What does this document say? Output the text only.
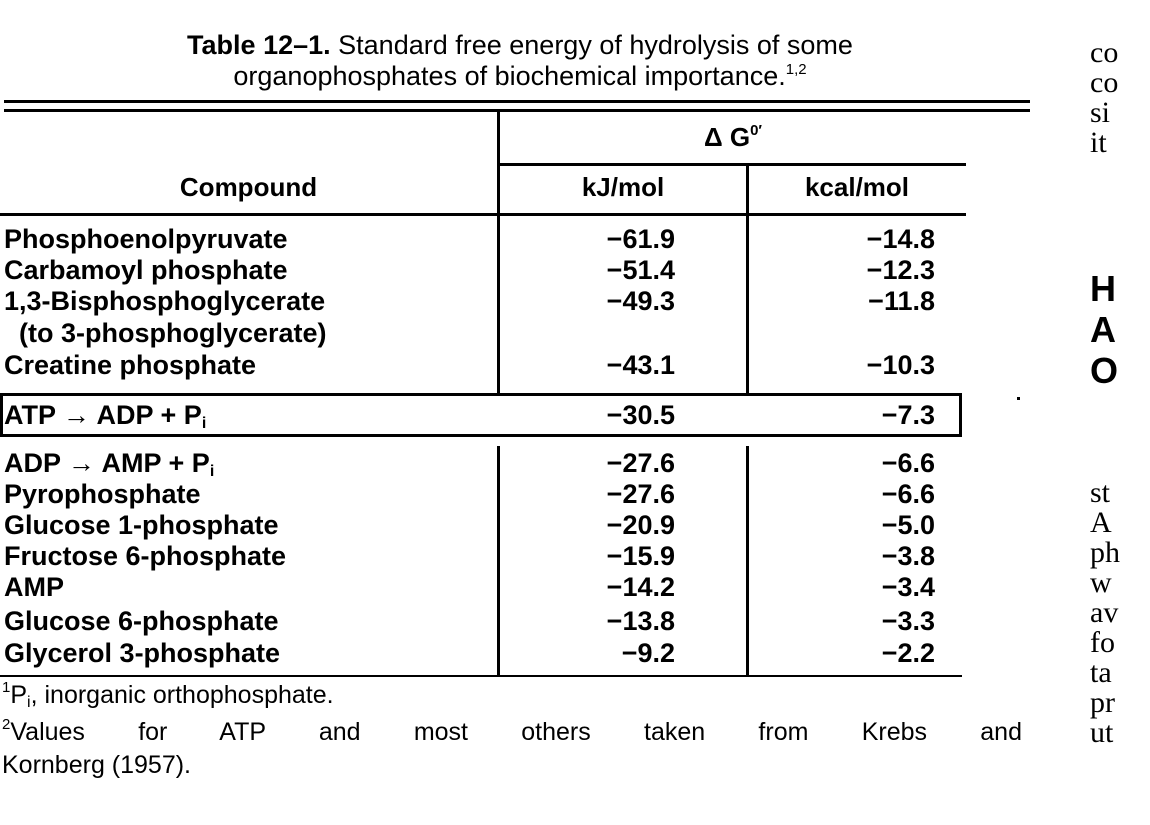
Table 12–1. Standard free energy of hydrolysis of some
organophosphates of biochemical importance.$^{1,2}$
Compound
Δ $G^{0'}$
kJ/mol	kcal/mol
Phosphoenolpyruvate	−61.9	−14.8
Carbamoyl phosphate	−51.4	−12.3
1,3-Bisphosphoglycerate	−49.3	−11.8
(to 3-phosphoglycerate)
Creatine phosphate	−43.1	−10.3
ATP → ADP + $P_i$	−30.5	−7.3
ADP → AMP + $P_i$	−27.6	−6.6
Pyrophosphate	−27.6	−6.6
Glucose 1-phosphate	−20.9	−5.0
Fructose 6-phosphate	−15.9	−3.8
AMP	−14.2	−3.4
Glucose 6-phosphate	−13.8	−3.3
Glycerol 3-phosphate	−9.2	−2.2
$^1P_i$, inorganic orthophosphate.
$^2$Values for ATP and most others taken from Krebs and
Kornberg (1957).
co
co
si
it
H
A
O
st
A
ph
w
av
fo
ta
pr
ut
